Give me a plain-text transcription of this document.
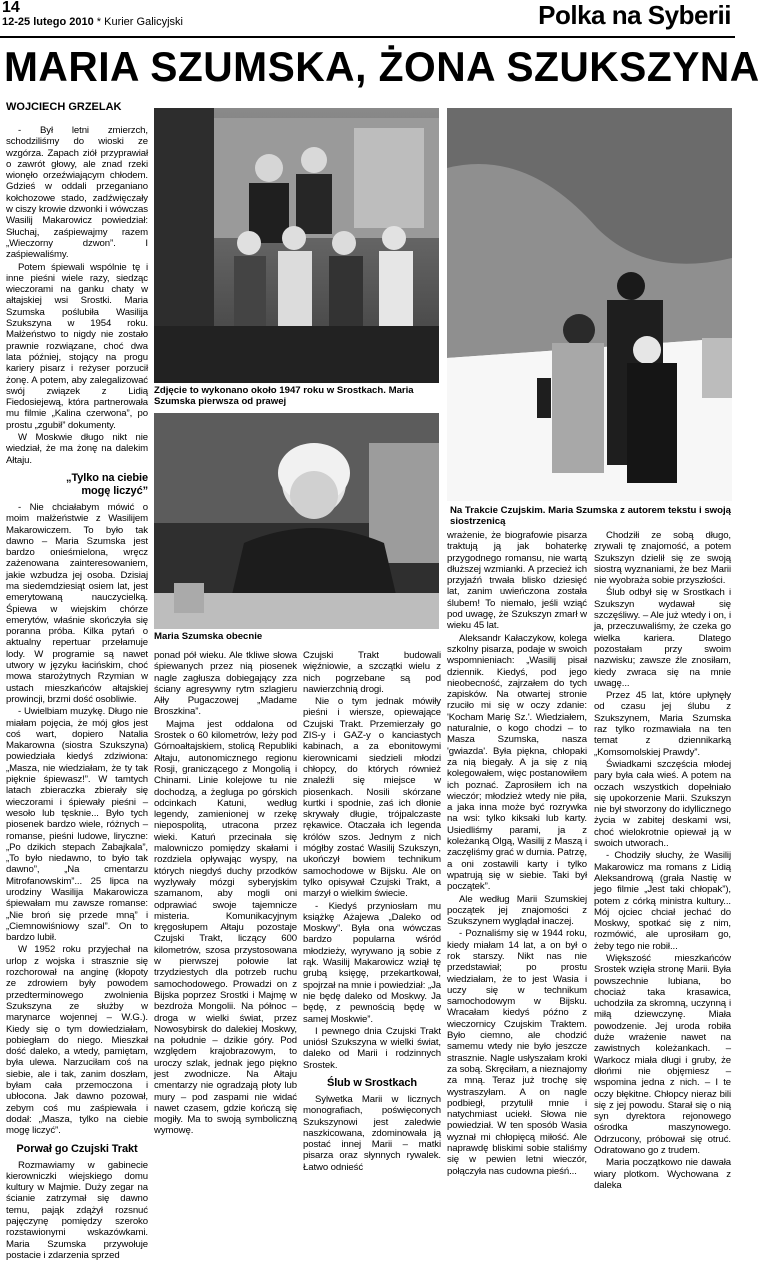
14
12-25 lutego 2010 * Kurier Galicyjski	Polka na Syberii
MARIA SZUMSKA, ŻONA SZUKSZYNA
WOJCIECH GRZELAK
Zdjęcie to wykonano około 1947 roku w Srostkach. Maria Szumska pierwsza od prawej
Maria Szumska obecnie
Na Trakcie Czujskim. Maria Szumska z autorem tekstu i swoją siostrzenicą

- Był letni zmierzch, schodziliśmy do wioski ze wzgórza. Zapach ziół przyprawiał o zawrót głowy, ale znad rzeki wionęło orzeźwiającym chłodem. Gdzieś w oddali przeganiano kołchozowe stado, zadźwięczały w ciszy krowie dzwonki i wówczas Wasilij Makarowicz powiedział: Słuchaj, zaśpiewajmy razem „Wieczorny dzwon”. I zaśpiewaliśmy.

Potem śpiewali wspólnie tę i inne pieśni wiele razy, siedząc wieczorami na ganku chaty w ałtajskiej wsi Srostki. Maria Szumska poślubiła Wasilija Szukszyna w 1954 roku. Małżeństwo to nigdy nie zostało prawnie rozwiązane, choć dwa lata później, stojący na progu kariery pisarz i reżyser porzucił żonę. A potem, aby zalegalizować swój związek z Lidią Fiedosiejewą, która partnerowała mu filmie „Kalina czerwona”, po prostu „zgubił” dokumenty.

W Moskwie długo nikt nie wiedział, że ma żonę na dalekim Ałtaju.

„Tylko na ciebie mogę liczyć”

- Nie chciałabym mówić o moim małżeństwie z Wasilijem Makarowiczem. To było tak dawno – Maria Szumska jest bardzo onieśmielona, wręcz zażenowana zainteresowaniem, jakie wzbudza jej osoba. Dzisiaj ma siedemdziesiąt osiem lat, jest emerytowaną nauczycielką. Śpiewa w wiejskim chórze emerytów, właśnie skończyła się poranna próba. Kilka pytań o aktualny repertuar przełamuje lody. W programie są nawet utwory w języku łacińskim, choć mowa starożytnych Rzymian w ustach mieszkańców ałtajskiej prowincji, brzmi dość osobliwie.

- Uwielbiam muzykę. Długo nie miałam pojęcia, że mój głos jest coś wart, dopiero Natalia Makarowna (siostra Szukszyna) powiedziała kiedyś zdziwiona: „Masza, nie wiedziałam, że ty tak pięknie śpiewasz!”. W tamtych latach zbieraczka zbierały się wieczorami i śpiewały pieśni – wesoło lub tęsknie... Było tych piosenek bardzo wiele, różnych – romanse, pieśni ludowe, liryczne: „Po dzikich stepach Zabajkala”, „To było niedawno, to było tak dawno”, „Na cmentarzu Mitrofanowskim”... 25 lipca na urodziny Wasilija Makarowicza śpiewałam mu zawsze romanse: „Nie broń się przede mną” i „Ciemnowiśniowy szal”. On to bardzo lubił.

W 1952 roku przyjechał na urlop z wojska i strasznie się rozchorował na anginę (kłopoty ze zdrowiem były powodem przedterminowego zwolnienia Szukszyna ze służby w marynarce wojennej – W.G.). Kiedy się o tym dowiedziałam, pobiegłam do niego. Mieszkał dość daleko, a wtedy, pamiętam, była ulewa. Narzuciłam coś na siebie, ale i tak, zanim doszłam, byłam cała przemoczona i ubłocona. Jak dawno pozował, zebym coś mu zaśpiewała i dodał: „Masza, tylko na ciebie mogę liczyć”.

Porwał go Czujski Trakt

Rozmawiamy w gabinecie kierowniczki wiejskiego domu kultury w Majmie. Duży zegar na ścianie zatrzymał się dawno temu, pająk zdążył rozsnuć pajęczynę pomiędzy szeroko rozstawionymi wskazówkami. Maria Szumska przywołuje postacie i zdarzenia sprzed

ponad pół wieku. Ale tkliwe słowa śpiewanych przez nią piosenek nagle zagłusza dobiegający zza ściany agresywny rytm szlagieru Ałły Pugaczowej „Madame Broszkina”.

Majma jest oddalona od Srostek o 60 kilometrów, leży pod Górnoałtajskiem, stolicą Republiki Ałtaju, autonomicznego regionu Rosji, graniczącego z Mongolią i Chinami. Linie kolejowe tu nie dochodzą, a żegluga po górskich odcinkach Katuni, według legendy, zamienionej w rzekę niepospolitą, utracona przez wieki. Katuń przecinała się malowniczo pomiędzy skałami i rozdziela opływając wyspy, na których niegdyś duchy przodków wyzlywały mózgi syberyjskim szamanom, aby mogli oni odprawiać swoje tajemnicze misteria. Komunikacyjnym kręgosłupem Ałtaju pozostaje Czujski Trakt, liczący 600 kilometrów, szosa przystosowana w pierwszej połowie lat trzydziestych dla potrzeb ruchu samochodowego. Prowadzi on z Bijska poprzez Srostki i Majmę w bezdroża Mongolii. Na północ – droga w wielki świat, przez Nowosybirsk do dalekiej Moskwy, na południe – dzikie góry. Pod względem krajobrazowym, to uroczy szlak, jednak jego piękno jest zwodnicze. Na Ałtaju cmentarzy nie ogradzają płoty lub mury – pod zaspami nie widać nawet czasem, gdzie kończą się mogiły. Ma to swoją symboliczną wymowę.

Czujski Trakt budowali więźniowie, a szczątki wielu z nich pogrzebane są pod nawierzchnią drogi.

Nie o tym jednak mówiły pieśni i wiersze, opiewające Czujski Trakt. Przemierzały go ZIS-y i GAZ-y o kanciastych kabinach, a za ebonitowymi kierownicami siedzieli młodzi chłopcy, do których również znaleźli się miejsce w piosenkach. Nosili skórzane kurtki i spodnie, zaś ich dłonie skrywały długie, trójpalczaste rękawice. Otaczała ich legenda królów szos. Jednym z nich mógłby zostać Wasilij Szukszyn, ukończył bowiem technikum samochodowe w Bijsku. Ale on tylko opisywał Czujski Trakt, a marzył o wielkim świecie.

- Kiedyś przyniosłam mu książkę Ażajewa „Daleko od Moskwy”. Była ona wówczas bardzo popularna wśród młodzieży, wyrywano ją sobie z rąk. Wasilij Makarowicz wziął tę grubą księgę, przekartkował, spojrzał na mnie i powiedział: „Ja nie będę daleko od Moskwy. Ja będę, z pewnością będę w samej Moskwie”.

I pewnego dnia Czujski Trakt uniósł Szukszyna w wielki świat, daleko od Marii i rodzinnych Srostek.

Ślub w Srostkach

Sylwetka Marii w licznych monografiach, poświęconych Szukszynowi jest zaledwie naszkicowana, zdominowała ją postać innej Marii – matki pisarza oraz słynnych rywalek. Łatwo odnieść

wrażenie, że biografowie pisarza traktują ją jak bohaterkę przygodnego romansu, nie wartą dłuższej wzmianki. A przecież ich przyjaźń trwała blisko dziesięć lat, zanim uwieńczona została ślubem! To niemało, jeśli wziąć pod uwagę, że Szukszyn zmarł w wieku 45 lat.

Aleksandr Kałaczykow, kolega szkolny pisarza, podaje w swoich wspomnieniach: „Wasilij pisał dziennik. Kiedyś, pod jego nieobecność, zajrzałem do tych zapisków. Na otwartej stronie rzuciło mi się w oczy zdanie: 'Kocham Marię Sz.'. Wiedziałem, naturalnie, o kogo chodzi – to Masza Szumska, nasza 'gwiazda'. Była piękna, chłopaki za nią biegały. A ja się z nią kolegowałem, więc postanowiłem ich poznać. Zaprosiłem ich na wieczór; młodzież wtedy nie piła, a jaka inna może być rozrywka na wsi: tylko kiksaki lub karty. Usiedliśmy parami, ja z koleżanką Olgą, Wasilij z Maszą i zaczęliśmy grać w durnia. Patrzę, a oni zostawili karty i tylko wpatrują się w siebie. Taki był początek”.

Ale według Marii Szumskiej początek jej znajomości z Szukszynem wyglądał inaczej.

- Poznaliśmy się w 1944 roku, kiedy miałam 14 lat, a on był o rok starszy. Nikt nas nie przedstawiał; po prostu wiedziałam, że to jest Wasia i uczy się w technikum samochodowym w Bijsku. Wracałam kiedyś późno z wieczornicy Czujskim Traktem. Było ciemno, ale chodzić samemu wtedy nie było jeszcze strasznie. Nagle usłyszałam kroki za sobą. Skręciłam, a nieznajomy za mną. Teraz już trochę się wystraszyłam. A on nagle podbiegł, przytulił mnie i natychmiast uciekł. Słowa nie powiedział. W ten sposób Wasia wyznał mi chłopięcą miłość. Ale naprawdę bliskimi sobie staliśmy się w pewien letni wieczór, połączyła nas cudowna pieśń...

Chodziłi ze sobą długo, zrywali tę znajomość, a potem Szukszyn dzielił się ze swoją siostrą wyznaniami, że bez Marii nie wyobraża sobie przyszłości.

Ślub odbył się w Srostkach i Szukszyn wydawał się szczęśliwy. – Ale już wtedy i on, i ja, przeczuwaliśmy, że czeka go wielka kariera. Dlatego pozostałam przy swoim nazwisku; zawsze źle znosiłam, kiedy zwraca się na mnie uwagę...

Przez 45 lat, które upłynęły od czasu jej ślubu z Szukszynem, Maria Szumska raz tylko rozmawiała na ten temat z dziennikarką „Komsomolskiej Prawdy”.

Świadkami szczęścia młodej pary była cała wieś. A potem na oczach wszystkich dopełniało się upokorzenie Marii. Szukszyn nie był stworzony do idyllicznego życia w zabitej deskami wsi, choć wielokrotnie opiewał ją w swoich utworach..

- Chodziły słuchy, że Wasilij Makarowicz ma romans z Lidią Aleksandrową (grała Nastię w jego filmie „Jest taki chłopak”), potem z córką ministra kultury... Mój ojciec chciał jechać do Moskwy, spotkać się z nim, rozmówić, ale uprosiłam go, żeby tego nie robił...

Większość mieszkańców Srostek wzięła stronę Marii. Była powszechnie lubiana, bo chociaż taka krasawica, uchodziła za skromną, uczynną i miłą dziewczynę. Miała powodzenie. Jej uroda robiła duże wrażenie nawet na zawistnych koleżankach. – Warkocz miała długi i gruby, że dłońmi nie objęmiesz – wspomina jedna z nich. – I te oczy błękitne. Chłopcy nieraz bili się z jej powodu. Starał się o nią syn dyrektora rejonowego ośrodka maszynowego. Odrzucony, próbował się otruć. Odratowano go z trudem.

Maria początkowo nie dawała wiary plotkom. Wychowana z daleka
